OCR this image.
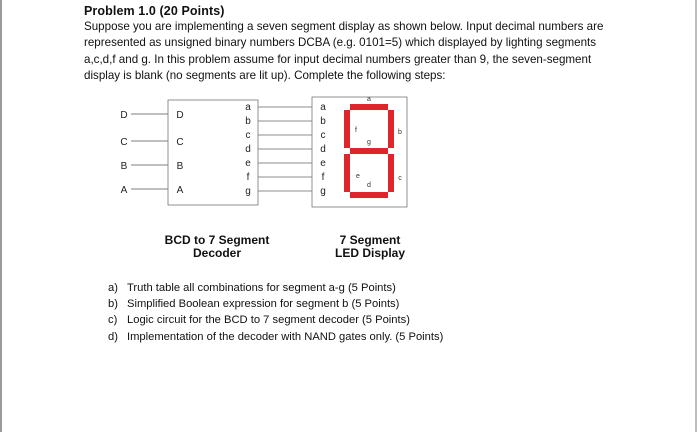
Problem 1.0 (20 Points)
Suppose you are implementing a seven segment display as shown below. Input decimal numbers are
represented as unsigned binary numbers DCBA (e.g. 0101=5) which displayed by lighting segments
a,c,d,f and g. In this problem assume for input decimal numbers greater than 9, the seven-segment
display is blank (no segments are lit up). Complete the following steps:
D
C
B
A
D
C
B
A
a
b
c
d
e
f
g
a
b
c
d
e
f
g
a
b
c
d
e
f
g
BCD to 7 Segment
Decoder
7 Segment
LED Display
a) Truth table all combinations for segment a-g (5 Points)
b) Simplified Boolean expression for segment b (5 Points)
c) Logic circuit for the BCD to 7 segment decoder (5 Points)
d) Implementation of the decoder with NAND gates only. (5 Points)
